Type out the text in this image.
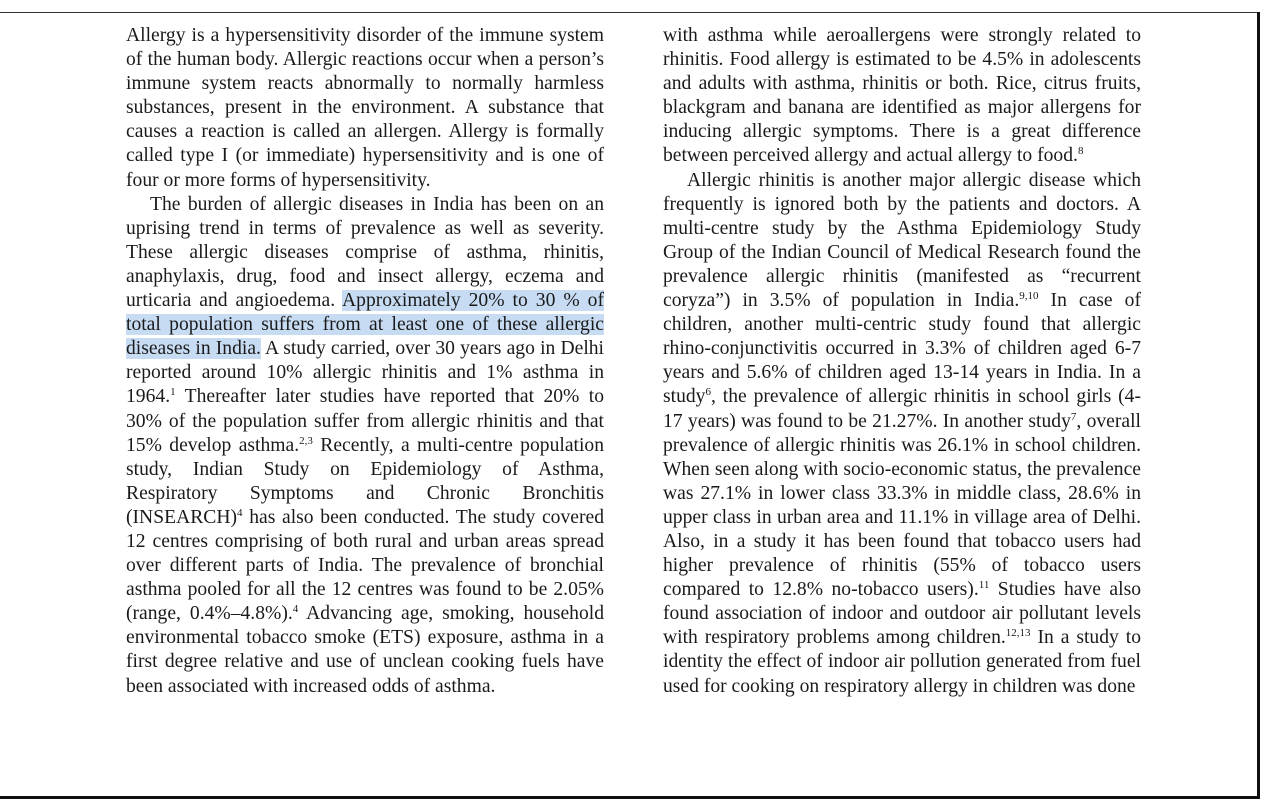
Allergy is a hypersensitivity disorder of the immune system of the human body. Allergic reactions occur when a person’s immune system reacts abnormally to normally harmless substances, present in the environment. A substance that causes a reaction is called an allergen. Allergy is formally called type I (or immediate) hypersensitivity and is one of four or more forms of hypersensitivity.

The burden of allergic diseases in India has been on an uprising trend in terms of prevalence as well as severity. These allergic diseases comprise of asthma, rhinitis, anaphylaxis, drug, food and insect allergy, eczema and urticaria and angioedema. Approximately 20% to 30 % of total population suffers from at least one of these allergic diseases in India. A study carried, over 30 years ago in Delhi reported around 10% allergic rhinitis and 1% asthma in 1964.$^1$ Thereafter later studies have reported that 20% to 30% of the population suffer from allergic rhinitis and that 15% develop asthma.$^{2,3}$ Recently, a multi-centre population study, Indian Study on Epidemiology of Asthma, Respiratory Symptoms and Chronic Bronchitis (INSEARCH)$^4$ has also been conducted. The study covered 12 centres comprising of both rural and urban areas spread over different parts of India. The prevalence of bronchial asthma pooled for all the 12 centres was found to be 2.05% (range, 0.4%–4.8%).$^4$ Advancing age, smoking, household environmental tobacco smoke (ETS) exposure, asthma in a first degree relative and use of unclean cooking fuels have been associated with increased odds of asthma.

with asthma while aeroallergens were strongly related to rhinitis. Food allergy is estimated to be 4.5% in adolescents and adults with asthma, rhinitis or both. Rice, citrus fruits, blackgram and banana are identified as major allergens for inducing allergic symptoms. There is a great difference between perceived allergy and actual allergy to food.$^8$

Allergic rhinitis is another major allergic disease which frequently is ignored both by the patients and doctors. A multi-centre study by the Asthma Epidemiology Study Group of the Indian Council of Medical Research found the prevalence allergic rhinitis (manifested as “recurrent coryza”) in 3.5% of population in India.$^{9,10}$ In case of children, another multi-centric study found that allergic rhino-conjunctivitis occurred in 3.3% of children aged 6-7 years and 5.6% of children aged 13-14 years in India. In a study$^6$, the prevalence of allergic rhinitis in school girls (4-17 years) was found to be 21.27%. In another study$^7$, overall prevalence of allergic rhinitis was 26.1% in school children. When seen along with socio-economic status, the prevalence was 27.1% in lower class 33.3% in middle class, 28.6% in upper class in urban area and 11.1% in village area of Delhi. Also, in a study it has been found that tobacco users had higher prevalence of rhinitis (55% of tobacco users compared to 12.8% no-tobacco users).$^{11}$ Studies have also found association of indoor and outdoor air pollutant levels with respiratory problems among children.$^{12,13}$ In a study to identity the effect of indoor air pollution generated from fuel used for cooking on respiratory allergy in children was done
